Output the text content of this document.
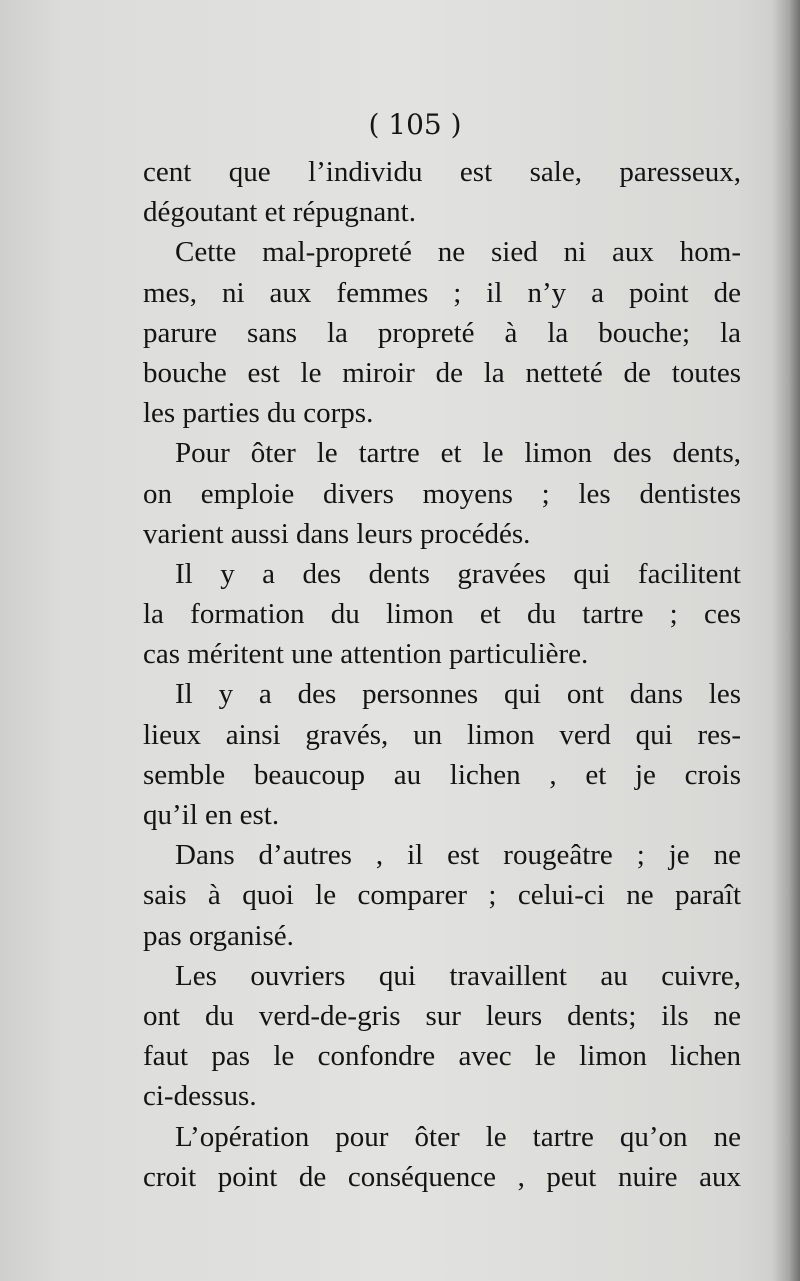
( 105 )
cent que l’individu est sale, paresseux,
dégoutant et répugnant.
Cette mal-propreté ne sied ni aux hom-
mes, ni aux femmes ; il n’y a point de
parure sans la propreté à la bouche; la
bouche est le miroir de la netteté de toutes
les parties du corps.
Pour ôter le tartre et le limon des dents,
on emploie divers moyens ; les dentistes
varient aussi dans leurs procédés.
Il y a des dents gravées qui facilitent
la formation du limon et du tartre ; ces
cas méritent une attention particulière.
Il y a des personnes qui ont dans les
lieux ainsi gravés, un limon verd qui res-
semble beaucoup au lichen , et je crois
qu’il en est.
Dans d’autres , il est rougeâtre ; je ne
sais à quoi le comparer ; celui-ci ne paraît
pas organisé.
Les ouvriers qui travaillent au cuivre,
ont du verd-de-gris sur leurs dents; ils ne
faut pas le confondre avec le limon lichen
ci-dessus.
L’opération pour ôter le tartre qu’on ne
croit point de conséquence , peut nuire aux
